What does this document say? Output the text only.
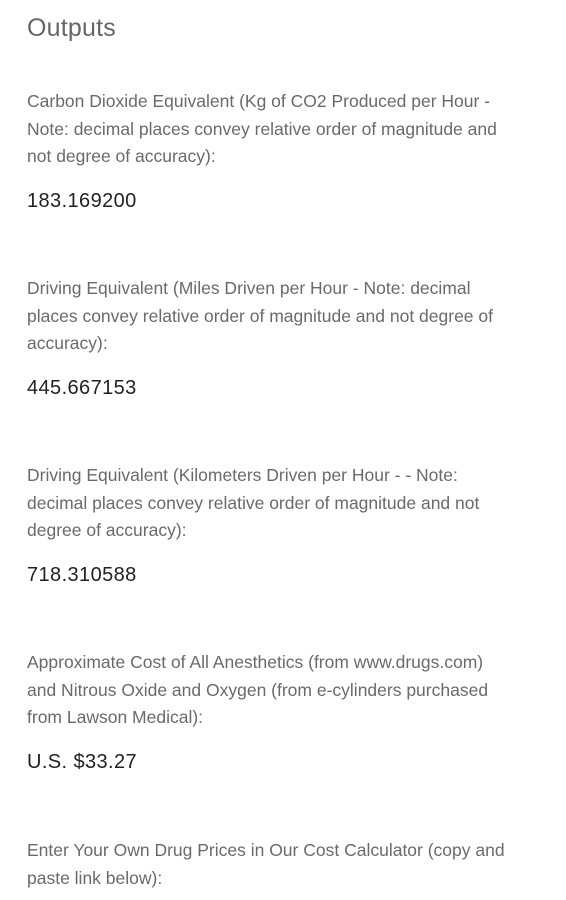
Outputs

Carbon Dioxide Equivalent (Kg of CO2 Produced per Hour - Note: decimal places convey relative order of magnitude and not degree of accuracy):

183.169200

Driving Equivalent (Miles Driven per Hour - Note: decimal places convey relative order of magnitude and not degree of accuracy):

445.667153

Driving Equivalent (Kilometers Driven per Hour - - Note: decimal places convey relative order of magnitude and not degree of accuracy):

718.310588

Approximate Cost of All Anesthetics (from www.drugs.com) and Nitrous Oxide and Oxygen (from e-cylinders purchased from Lawson Medical):

U.S. $33.27

Enter Your Own Drug Prices in Our Cost Calculator (copy and paste link below):
